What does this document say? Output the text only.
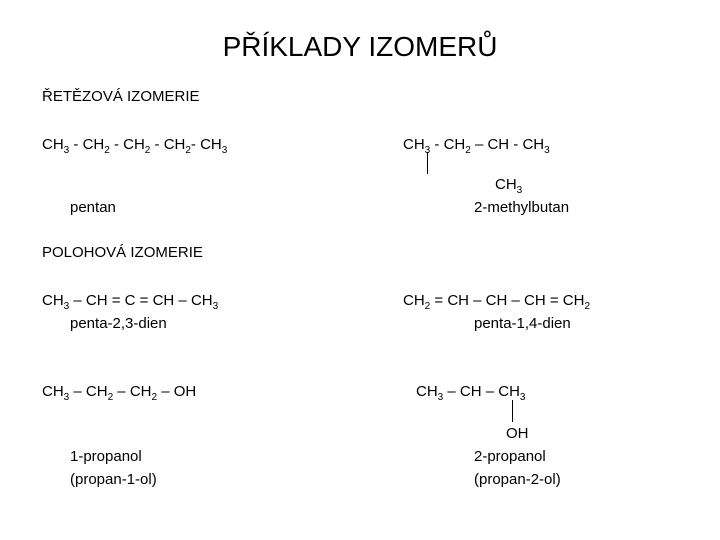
PŘÍKLADY IZOMERŮ
ŘETĚZOVÁ IZOMERIE
$CH_3 - CH_2 - CH_2 - CH_2-$ $CH_3$
pentan
$CH_3 - CH_2$ – CH - $CH_3$
$CH_3$
2-methylbutan
POLOHOVÁ IZOMERIE
$CH_3$ – CH = C = CH – $CH_3$
penta-2,3-dien
$CH_2$ = CH – CH – CH = $CH_2$
penta-1,4-dien
$CH_3 - CH_2 - CH_2$ – OH
1-propanol
(propan-1-ol)
$CH_3$ – CH – $CH_3$
OH
2-propanol
(propan-2-ol)
